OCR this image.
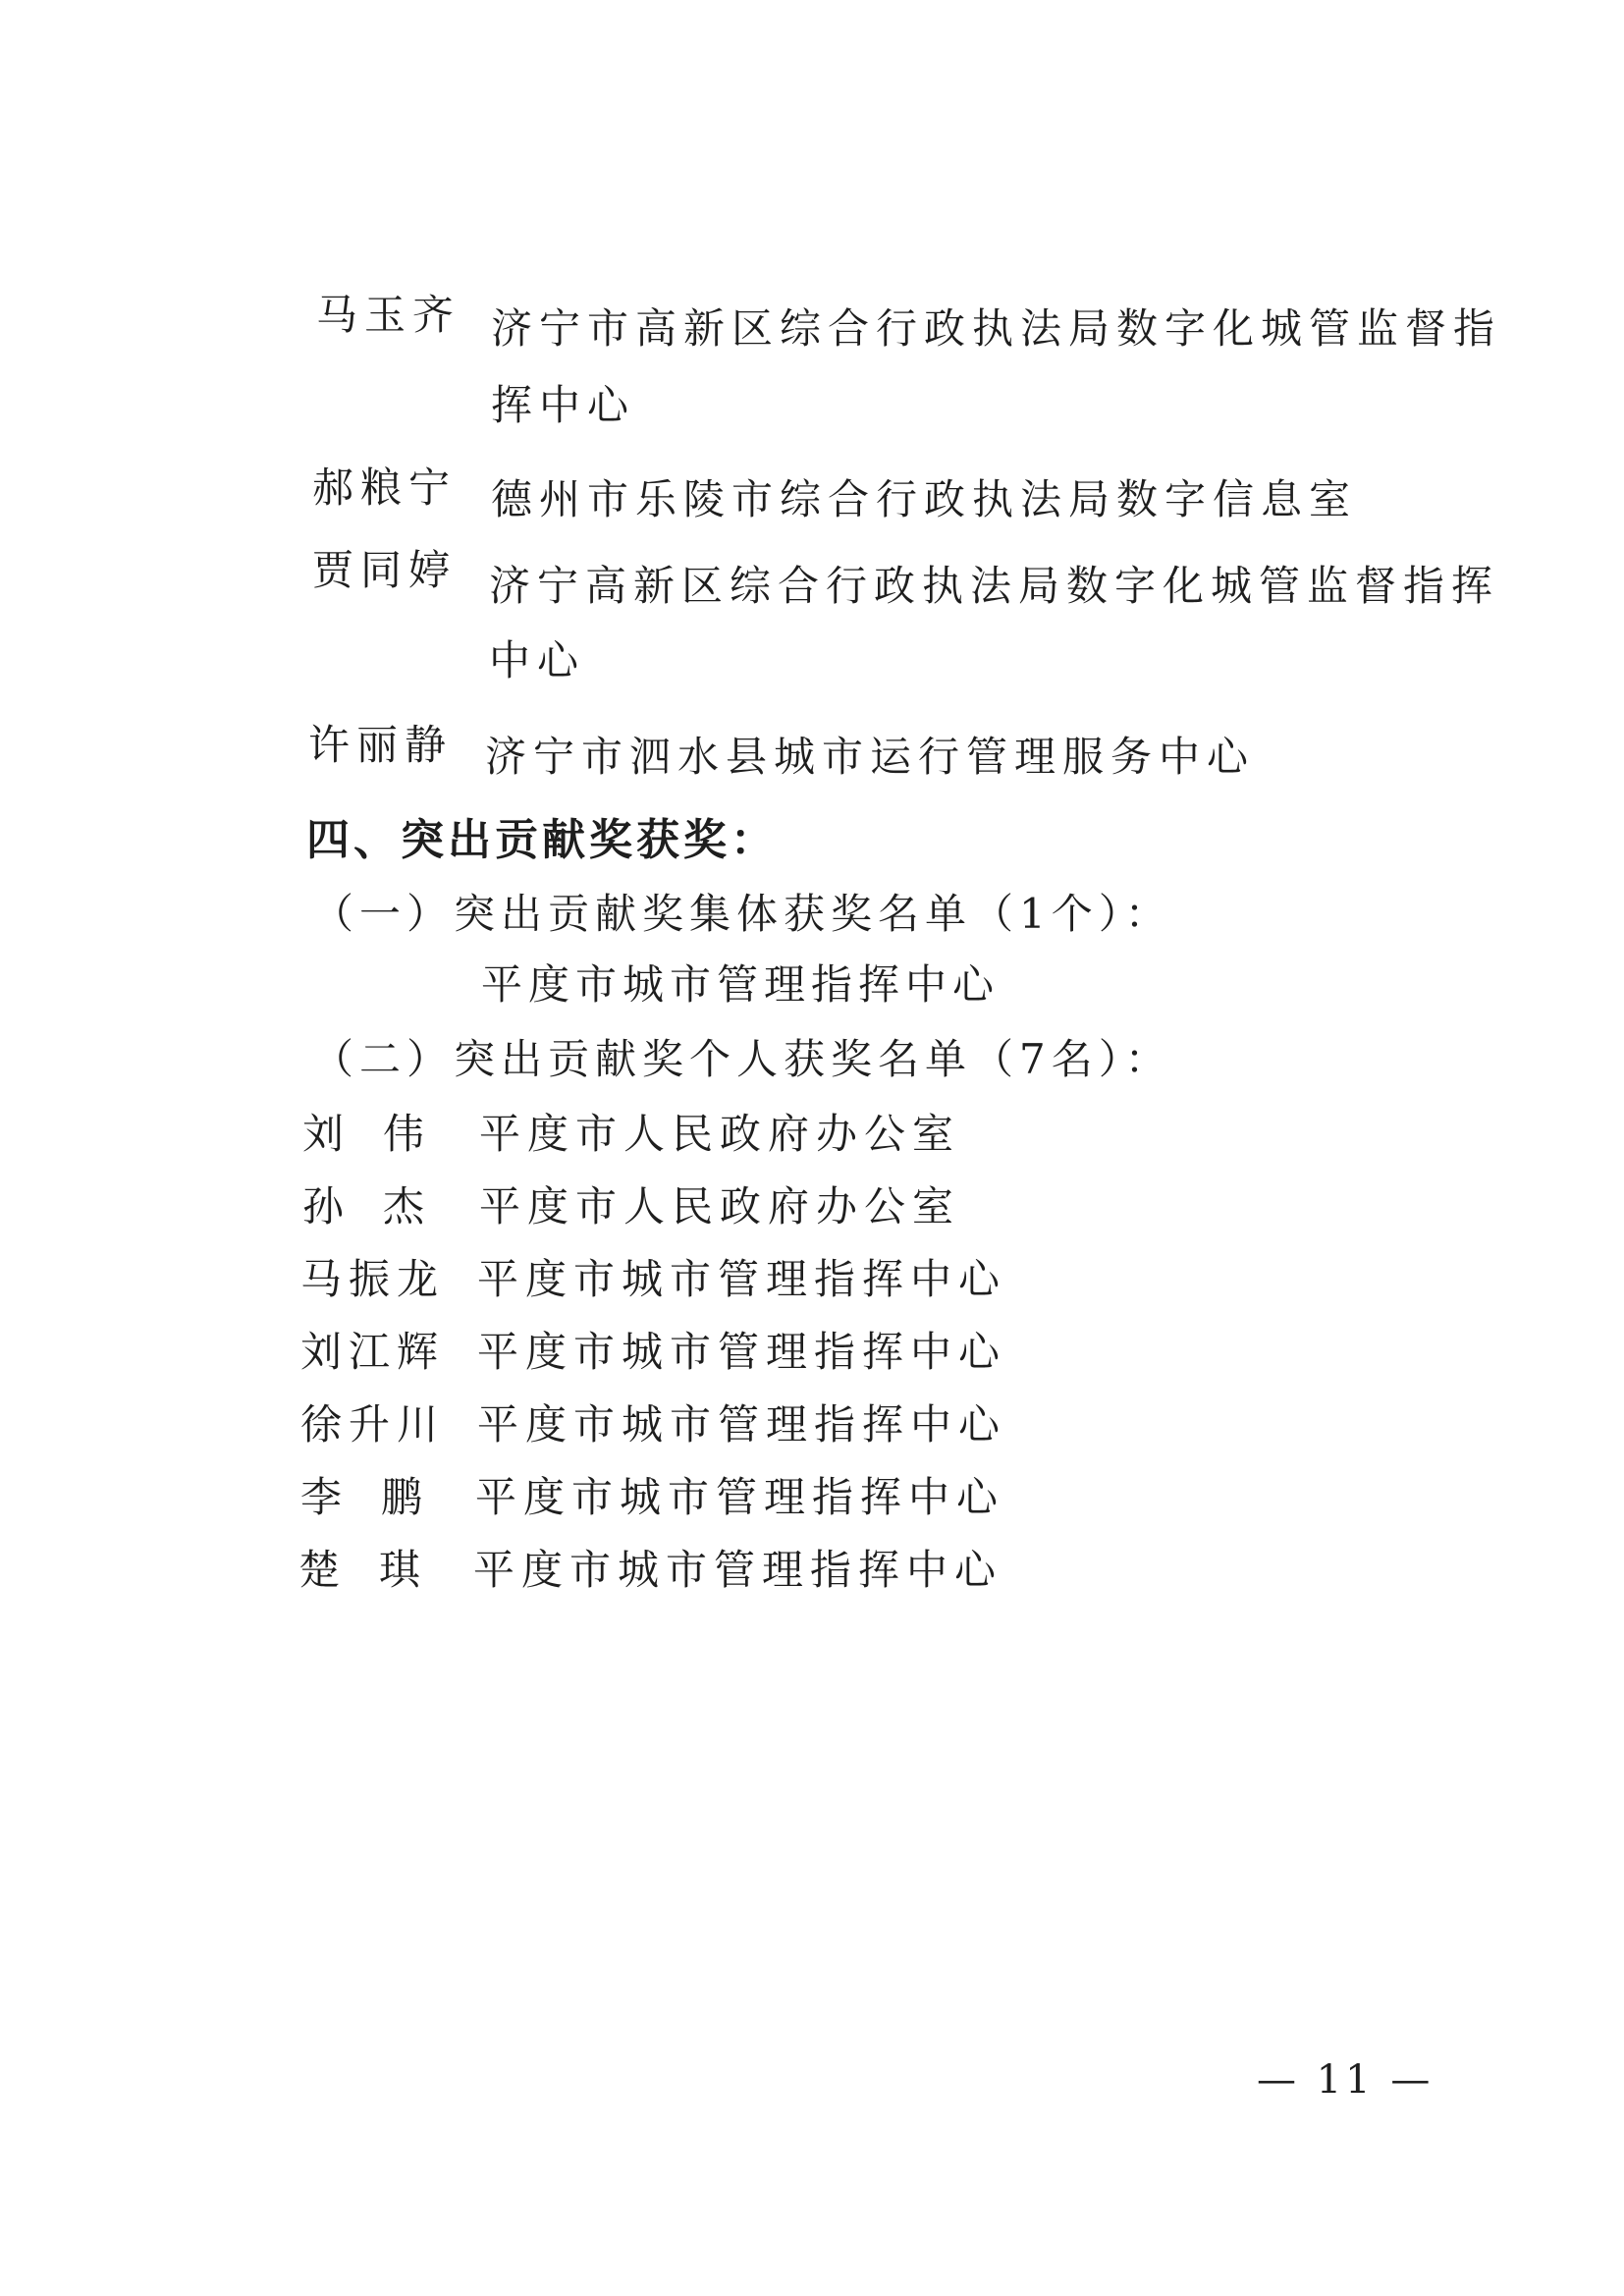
马玉齐 济宁市高新区综合行政执法局数字化城管监督指
挥中心
郝粮宁 德州市乐陵市综合行政执法局数字信息室
贾同婷 济宁高新区综合行政执法局数字化城管监督指挥
中心
许丽静 济宁市泗水县城市运行管理服务中心
四、突出贡献奖获奖：
（一）突出贡献奖集体获奖名单（1个）：
平度市城市管理指挥中心
（二）突出贡献奖个人获奖名单（7名）：
刘伟 平度市人民政府办公室
孙杰 平度市人民政府办公室
马振龙 平度市城市管理指挥中心
刘江辉 平度市城市管理指挥中心
徐升川 平度市城市管理指挥中心
李鹏 平度市城市管理指挥中心
楚琪 平度市城市管理指挥中心
— 11 —
